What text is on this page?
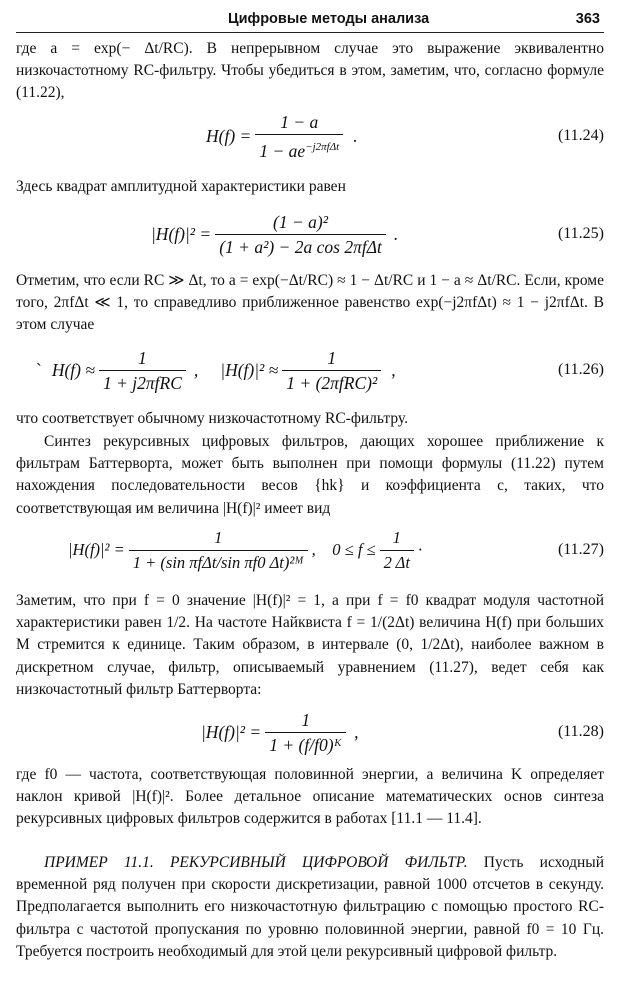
Цифровые методы анализа	363

где a = exp(− Δt/RC). В непрерывном случае это выражение эквивалентно низкочастотному RC-фильтру. Чтобы убедиться в этом, заметим, что, согласно формуле (11.22),

$H(f) = \frac{1 - a}{1 - ae^{-j2\pi f\Delta t}}$ .	(11.24)

Здесь квадрат амплитудной характеристики равен

$|H(f)|^2 = \frac{\text{(1 − a)²}}{\text{(1 + a²) − 2a cos 2πfΔt}}$ .	(11.25)

Отметим, что если RC ≫ Δt, то a = exp(−Δt/RC) ≈ 1 − Δt/RC и 1 − a ≈ Δt/RC. Если, кроме того, 2πfΔt ≪ 1, то справедливо приближенное равенство exp(−j2πfΔt) ≈ 1 − j2πfΔt. В этом случае

` $H(f) \approx \frac{1}{\text{1 + j2πfRC}}$ , $|H(f)|^2 \approx \frac{1}{\text{1 + (2πfRC)²}}$ ,	(11.26)

что соответствует обычному низкочастотному RC-фильтру.

Синтез рекурсивных цифровых фильтров, дающих хорошее приближение к фильтрам Баттерворта, может быть выполнен при помощи формулы (11.22) путем нахождения последовательности весов {hk} и коэффициента c, таких, что соответствующая им величина |H(f)|² имеет вид

$|H(f)|^2 = \frac{1}{\text{1 + (sin πfΔt/sin πf0 Δt)²ᴹ}}$ ,    $0 \le f \le \frac{1}{2 \Delta t}$ ·	(11.27)

Заметим, что при f = 0 значение |H(f)|² = 1, а при f = f0 квадрат модуля частотной характеристики равен 1/2. На частоте Найквиста f = 1/(2Δt) величина H(f) при больших M стремится к единице. Таким образом, в интервале (0, 1/2Δt), наиболее важном в дискретном случае, фильтр, описываемый уравнением (11.27), ведет себя как низкочастотный фильтр Баттерворта:

$|H(f)|^2 = \frac{1}{\text{1 + (f/f0)ᴷ}}$ ,	(11.28)

где f0 — частота, соответствующая половинной энергии, а величина K определяет наклон кривой |H(f)|². Более детальное описание математических основ синтеза рекурсивных цифровых фильтров содержится в работах [11.1 — 11.4].

ПРИМЕР 11.1. РЕКУРСИВНЫЙ ЦИФРОВОЙ ФИЛЬТР. Пусть исходный временной ряд получен при скорости дискретизации, равной 1000 отсчетов в секунду. Предполагается выполнить его низкочастотную фильтрацию с помощью простого RC-фильтра с частотой пропускания по уровню половинной энергии, равной f0 = 10 Гц. Требуется построить необходимый для этой цели рекурсивный цифровой фильтр.
